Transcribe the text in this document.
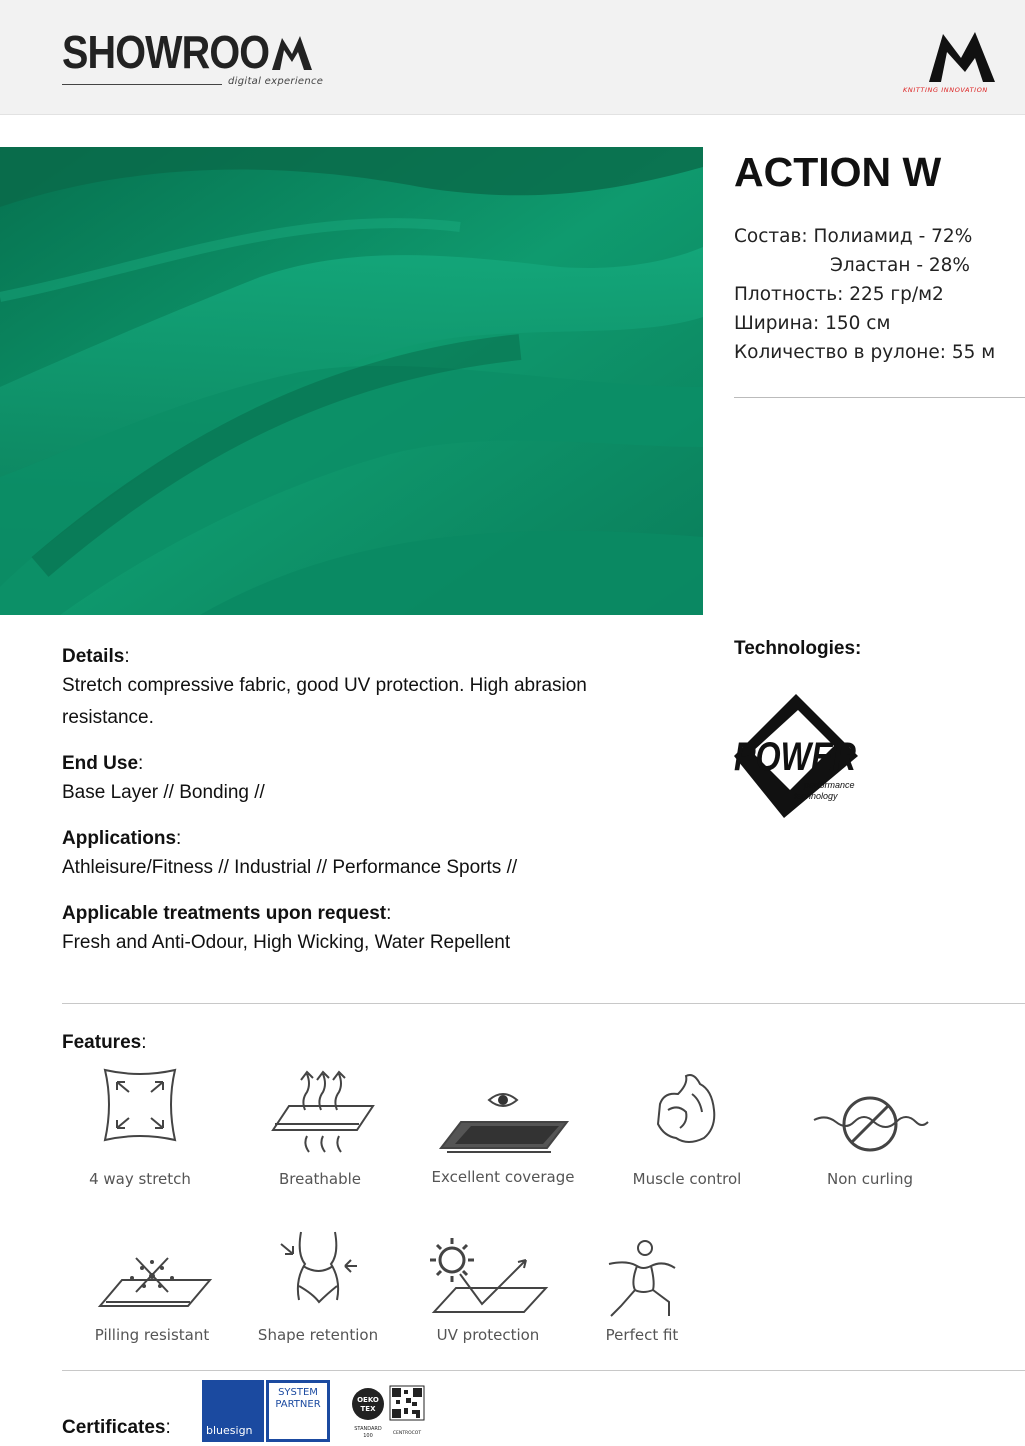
SHOWROO
digital experience
KNITTING INNOVATION
ACTION W
Состав: Полиамид - 72%
Эластан - 28%
Плотность: 225 гр/м2
Ширина: 150 см
Количество в рулоне: 55 м
Details:
Stretch compressive fabric, good UV protection. High abrasion resistance.
End Use:
Base Layer // Bonding //
Applications:
Athleisure/Fitness // Industrial // Performance Sports //
Applicable treatments upon request:
Fresh and Anti-Odour, High Wicking, Water Repellent
Technologies:
POWER
performance
technology
Features:
4 way stretch	Breathable	Excellent coverage	Muscle control	Non curling
Pilling resistant	Shape retention	UV protection	Perfect fit
Certificates:	bluesign
SYSTEM
PARTNER	OEKO
TEX
STANDARD
100	CENTROCOT
